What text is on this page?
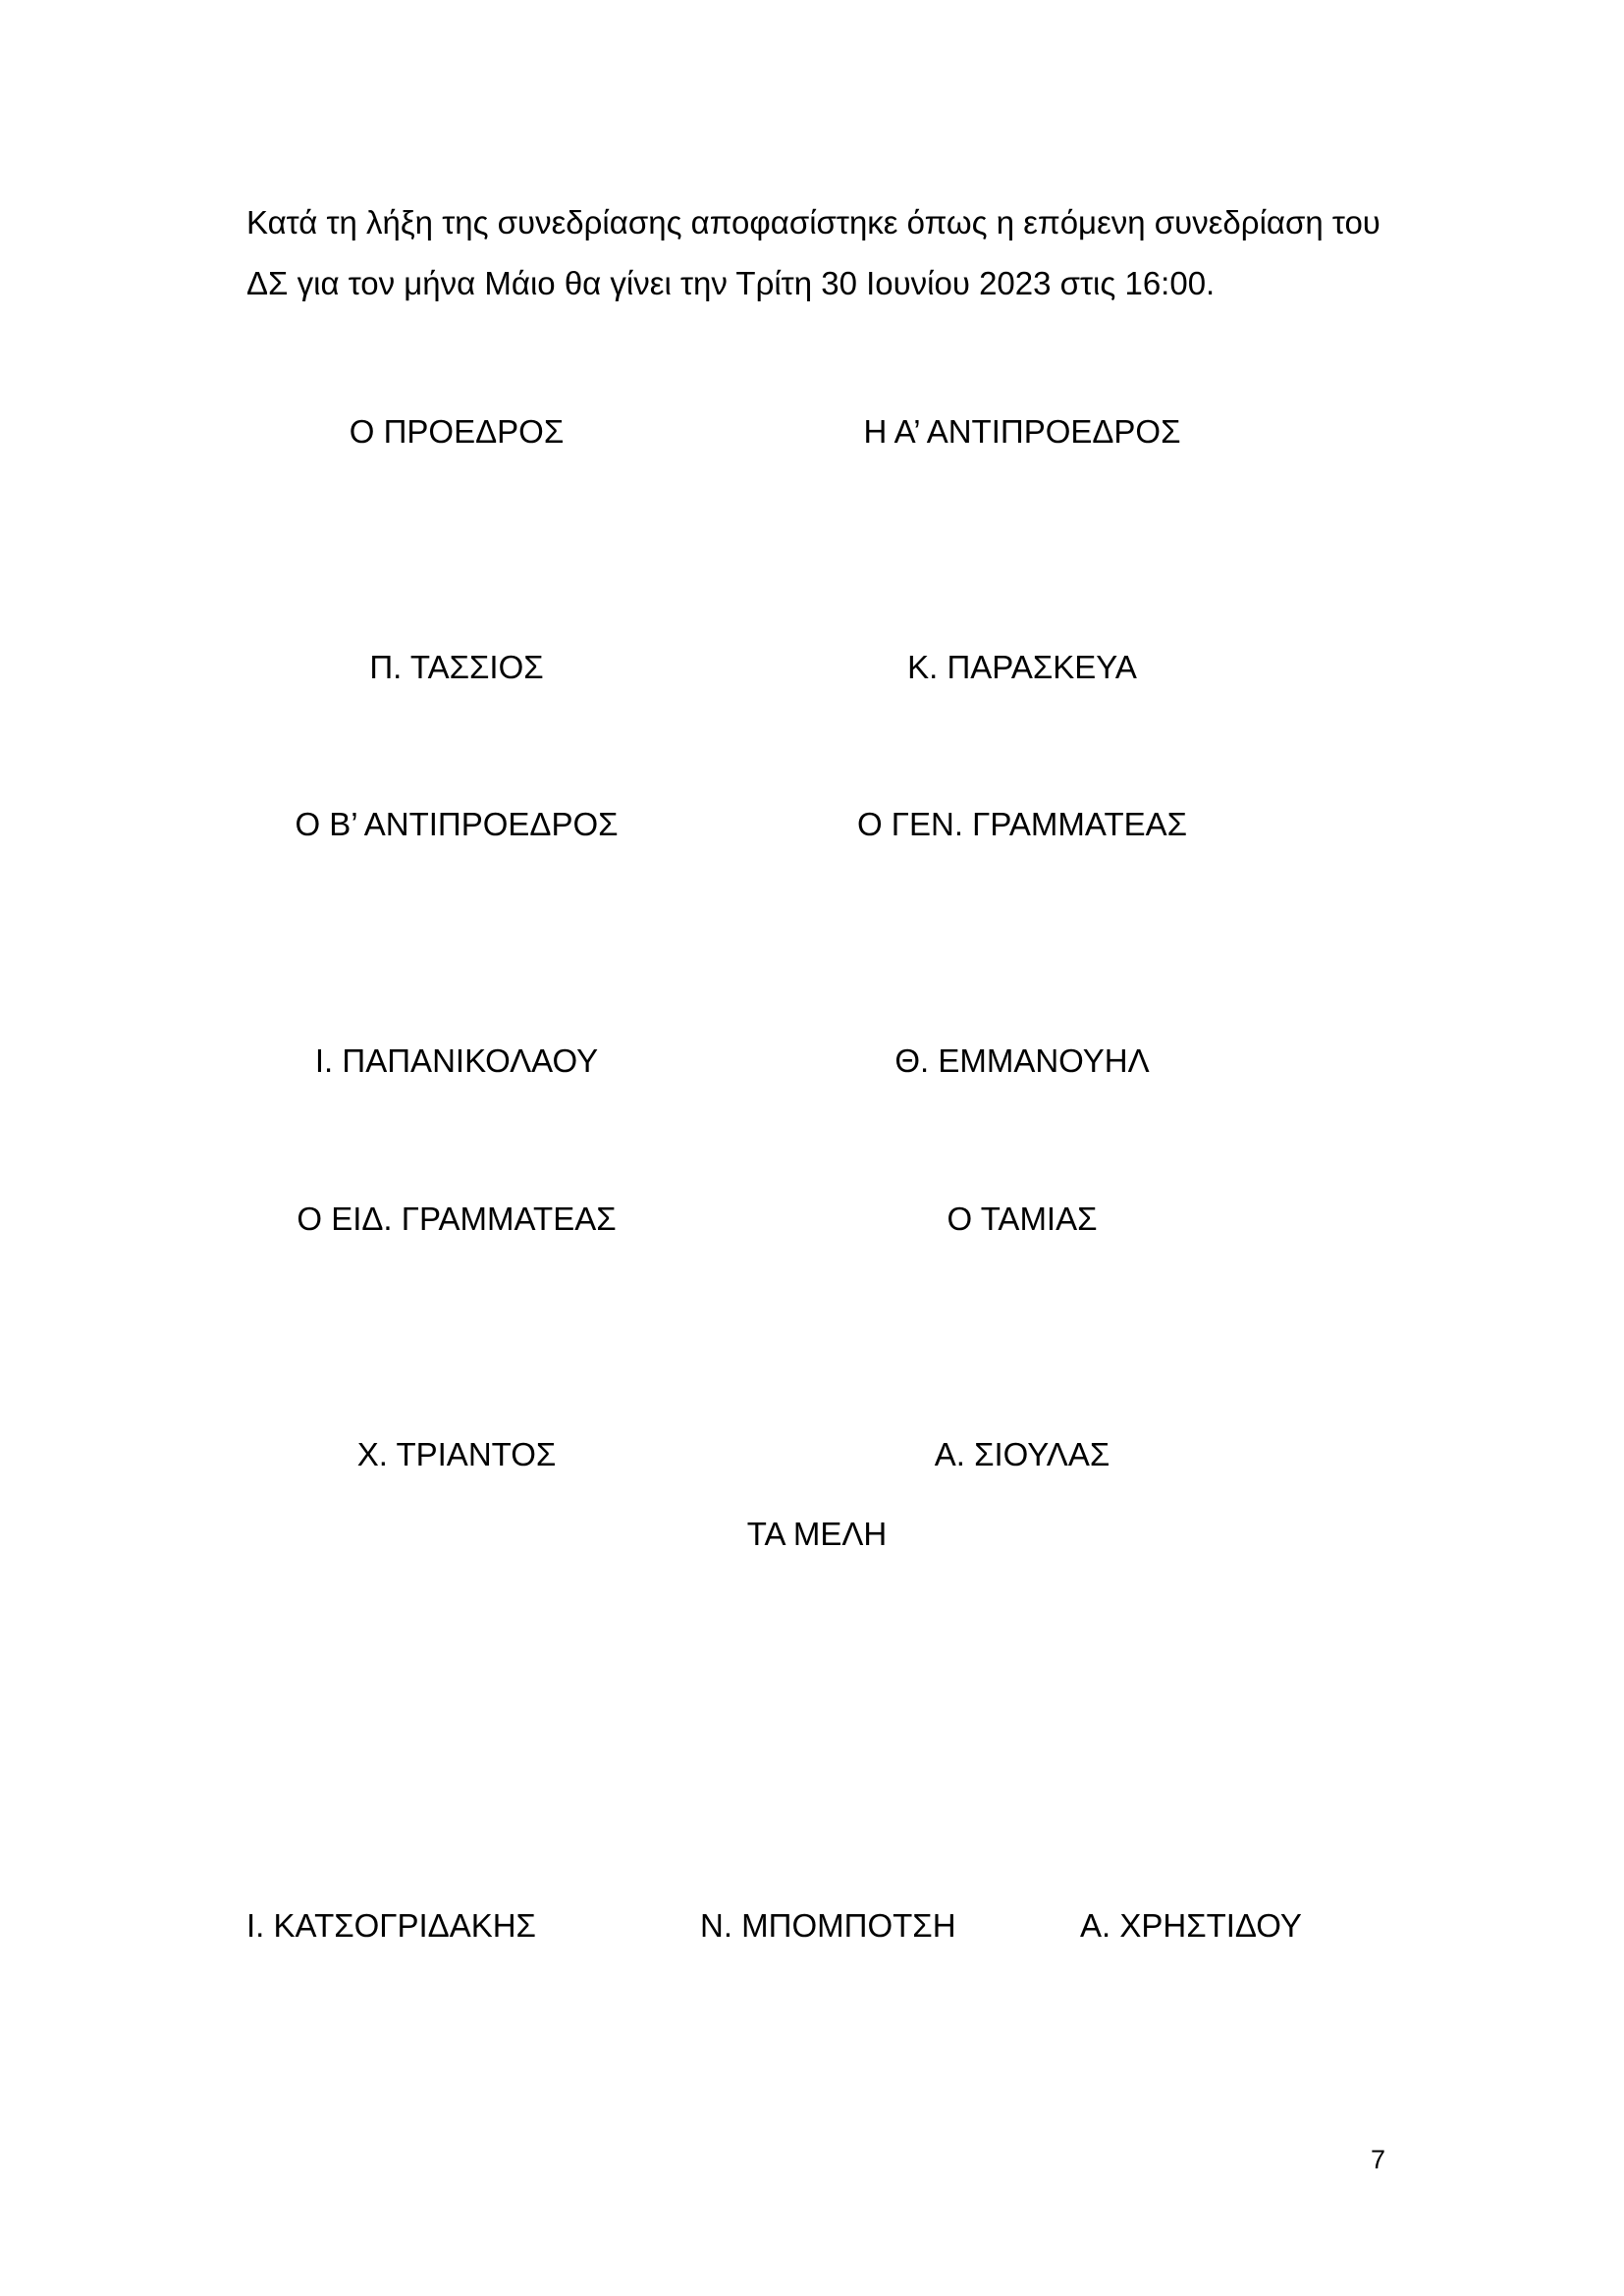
Κατά τη λήξη της συνεδρίασης αποφασίστηκε όπως η επόμενη συνεδρίαση του
ΔΣ για τον μήνα Μάιο θα γίνει την Τρίτη 30 Ιουνίου 2023 στις 16:00.

Ο ΠΡΟΕΔΡΟΣ	Η Α’ ΑΝΤΙΠΡΟΕΔΡΟΣ
Π. ΤΑΣΣΙΟΣ	Κ. ΠΑΡΑΣΚΕΥΑ
Ο Β’ ΑΝΤΙΠΡΟΕΔΡΟΣ	Ο ΓΕΝ. ΓΡΑΜΜΑΤΕΑΣ
Ι. ΠΑΠΑΝΙΚΟΛΑΟΥ	Θ. ΕΜΜΑΝΟΥΗΛ
Ο ΕΙΔ. ΓΡΑΜΜΑΤΕΑΣ	Ο ΤΑΜΙΑΣ
Χ. ΤΡΙΑΝΤΟΣ	Α. ΣΙΟΥΛΑΣ
ΤΑ ΜΕΛΗ
Ι. ΚΑΤΣΟΓΡΙΔΑΚΗΣ	Ν. ΜΠΟΜΠΟΤΣΗ	Α. ΧΡΗΣΤΙΔΟΥ
7
